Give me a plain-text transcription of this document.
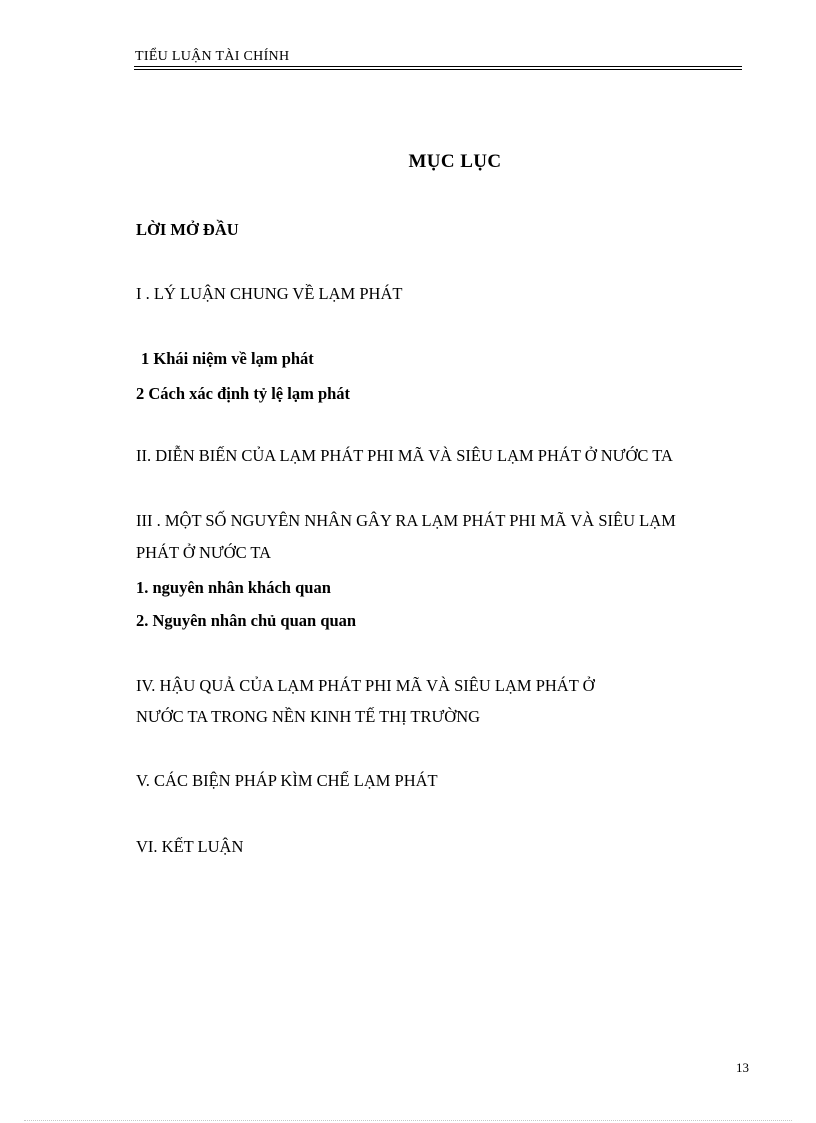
TIỂU LUẬN TÀI CHÍNH
MỤC LỤC
LỜI MỞ ĐẦU
I . LÝ LUẬN CHUNG VỀ LẠM PHÁT
1 Khái niệm về lạm phát
2 Cách xác định tỷ lệ lạm phát
II. DIỄN BIẾN CỦA LẠM PHÁT PHI MÃ VÀ SIÊU LẠM PHÁT Ở NƯỚC TA
III . MỘT SỐ NGUYÊN NHÂN GÂY RA LẠM PHÁT PHI MÃ VÀ SIÊU LẠM
PHÁT Ở NƯỚC TA
1. nguyên nhân khách quan
2. Nguyên nhân chủ quan quan
IV. HẬU QUẢ CỦA LẠM PHÁT PHI MÃ VÀ SIÊU LẠM PHÁT Ở
NƯỚC TA TRONG NỀN KINH TẾ THỊ TRƯỜNG
V. CÁC BIỆN PHÁP KÌM CHẾ LẠM PHÁT
VI. KẾT LUẬN
13
